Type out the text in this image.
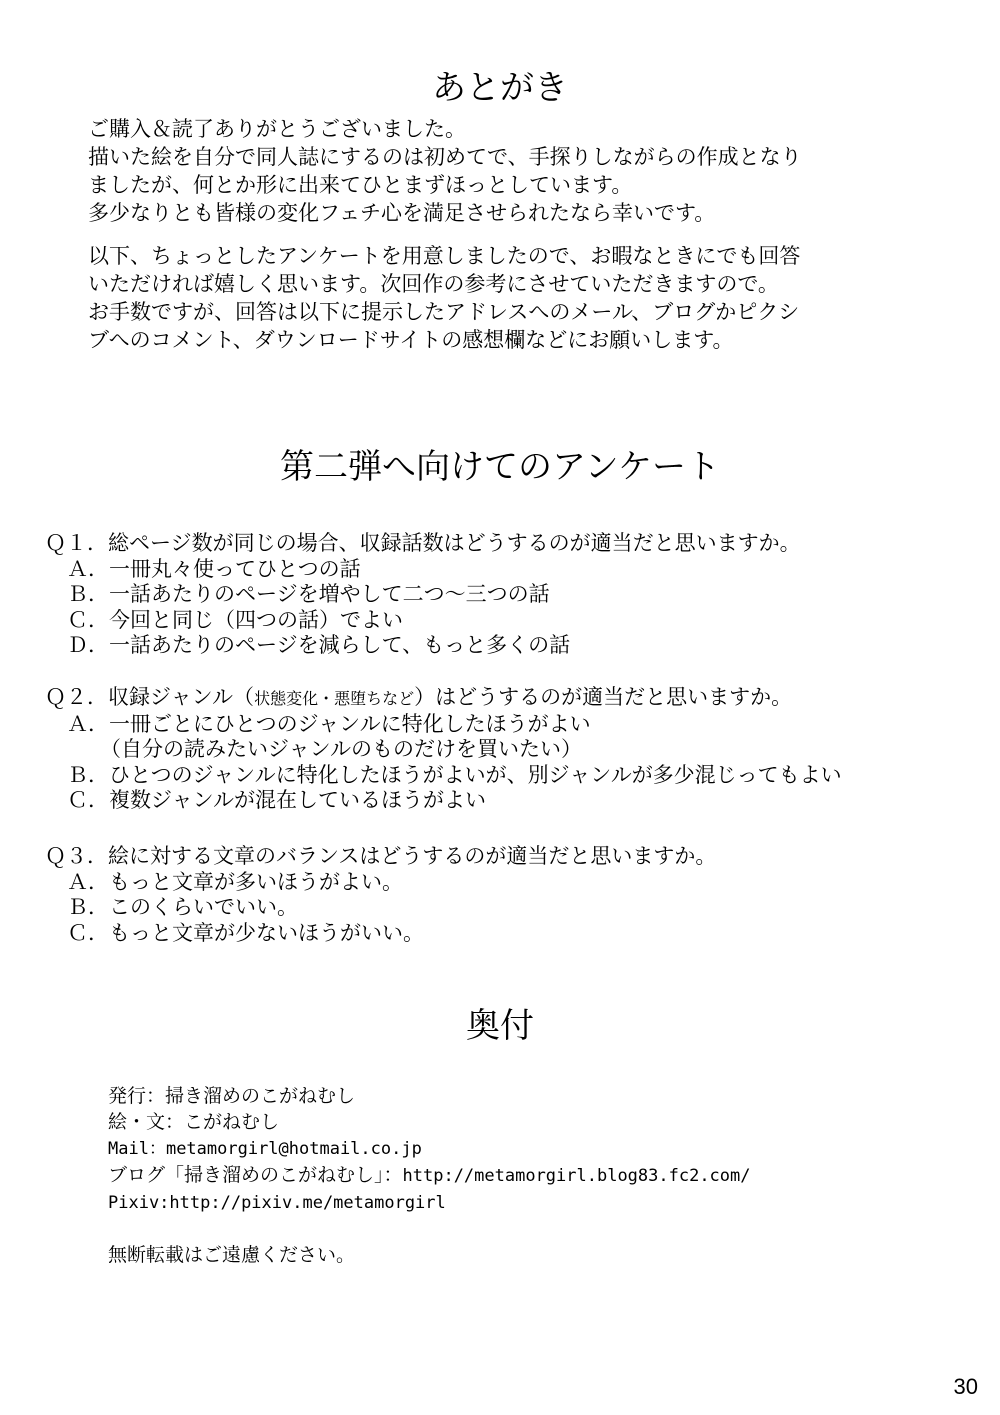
あとがき
ご購入＆読了ありがとうございました。
描いた絵を自分で同人誌にするのは初めてで、手探りしながらの作成となり
ましたが、何とか形に出来てひとまずほっとしています。
多少なりとも皆様の変化フェチ心を満足させられたなら幸いです。
以下、ちょっとしたアンケートを用意しましたので、お暇なときにでも回答
いただければ嬉しく思います。次回作の参考にさせていただきますので。
お手数ですが、回答は以下に提示したアドレスへのメール、ブログかピクシ
ブへのコメント、ダウンロードサイトの感想欄などにお願いします。
第二弾へ向けてのアンケート
Ｑ１．総ページ数が同じの場合、収録話数はどうするのが適当だと思いますか。
Ａ．一冊丸々使ってひとつの話
Ｂ．一話あたりのページを増やして二つ～三つの話
Ｃ．今回と同じ（四つの話）でよい
Ｄ．一話あたりのページを減らして、もっと多くの話
Ｑ２．収録ジャンル（状態変化・悪堕ちなど）はどうするのが適当だと思いますか。
Ａ．一冊ごとにひとつのジャンルに特化したほうがよい
（自分の読みたいジャンルのものだけを買いたい）
Ｂ．ひとつのジャンルに特化したほうがよいが、別ジャンルが多少混じってもよい
Ｃ．複数ジャンルが混在しているほうがよい
Ｑ３．絵に対する文章のバランスはどうするのが適当だと思いますか。
Ａ．もっと文章が多いほうがよい。
Ｂ．このくらいでいい。
Ｃ．もっと文章が少ないほうがいい。
奥付
発行：掃き溜めのこがねむし
絵・文：こがねむし
Mail：metamorgirl@hotmail.co.jp
ブログ「掃き溜めのこがねむし」：http://metamorgirl.blog83.fc2.com/
Pixiv:http://pixiv.me/metamorgirl
無断転載はご遠慮ください。
30
